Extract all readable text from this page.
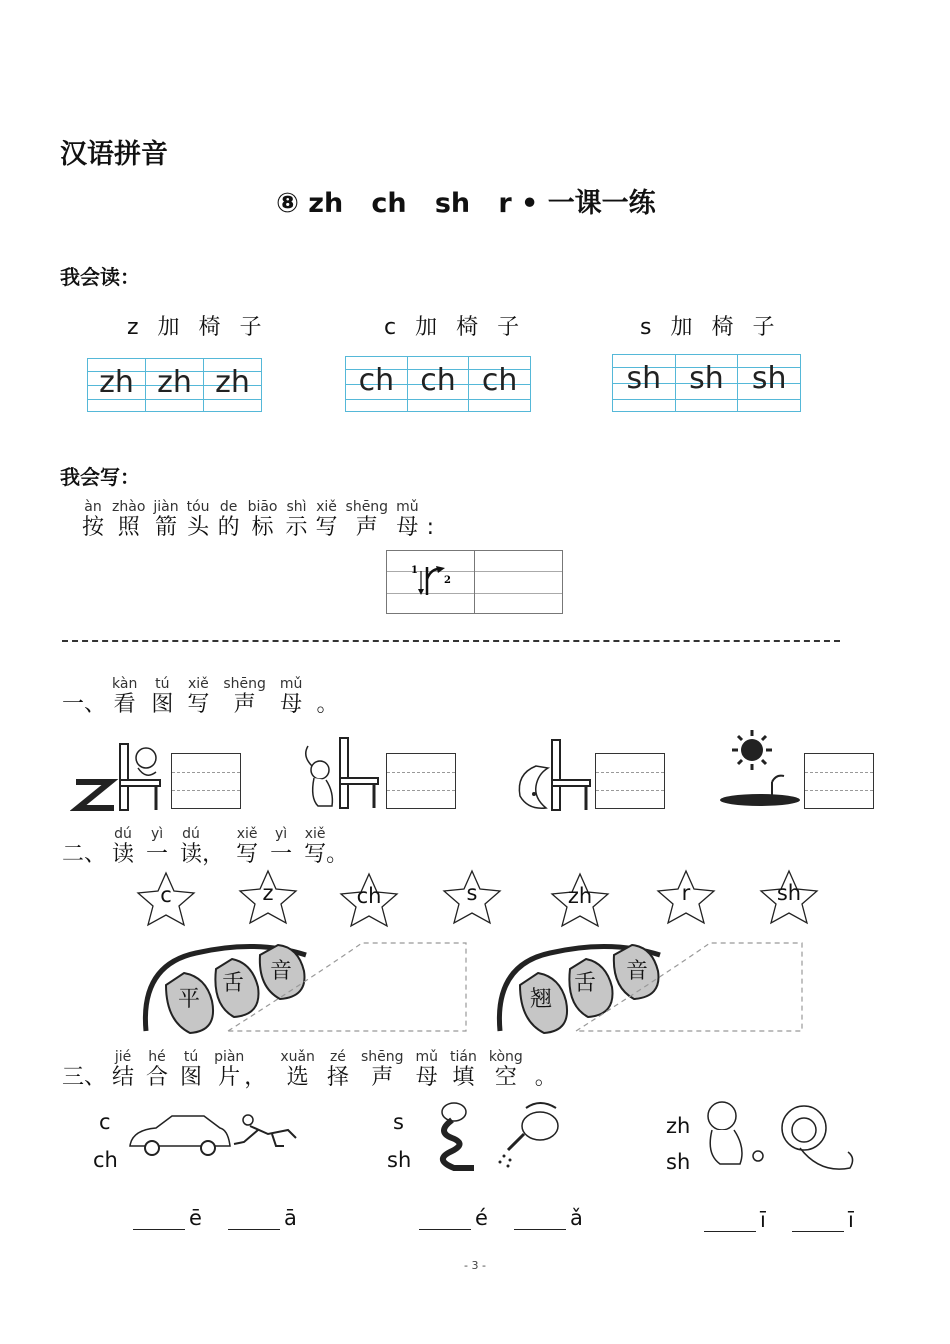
汉语拼音
⑧ zh   ch   sh   r • 一课一练
我会读：
z 加 椅 子	c 加 椅 子	s 加 椅 子
zh zh zh	ch ch ch	sh sh sh
我会写：
àn
按
zhào
照
jiàn
箭
tóu
头
de
的
biāo
标
shì
示
xiě
写
shēng
声
mǔ
母 :
1
2
一、
kàn
看
tú
图
xiě
写
shēng
声
mǔ
母 。
二、
dú
读
yì
一
dú
读 ，
xiě
写
yì
一
xiě
写 。
c	z	ch	s	zh	r	sh
平
舌 音
翘
舌 音
三、
jié
结
hé
合
tú
图
piàn
片 ，
xuǎn
选
zé
择
shēng
声
mǔ
母
tián
填
kòng
空 。
c
ch
ē	ā
s
sh
é	ǎ
zh
sh
ī	ī
- 3 -
